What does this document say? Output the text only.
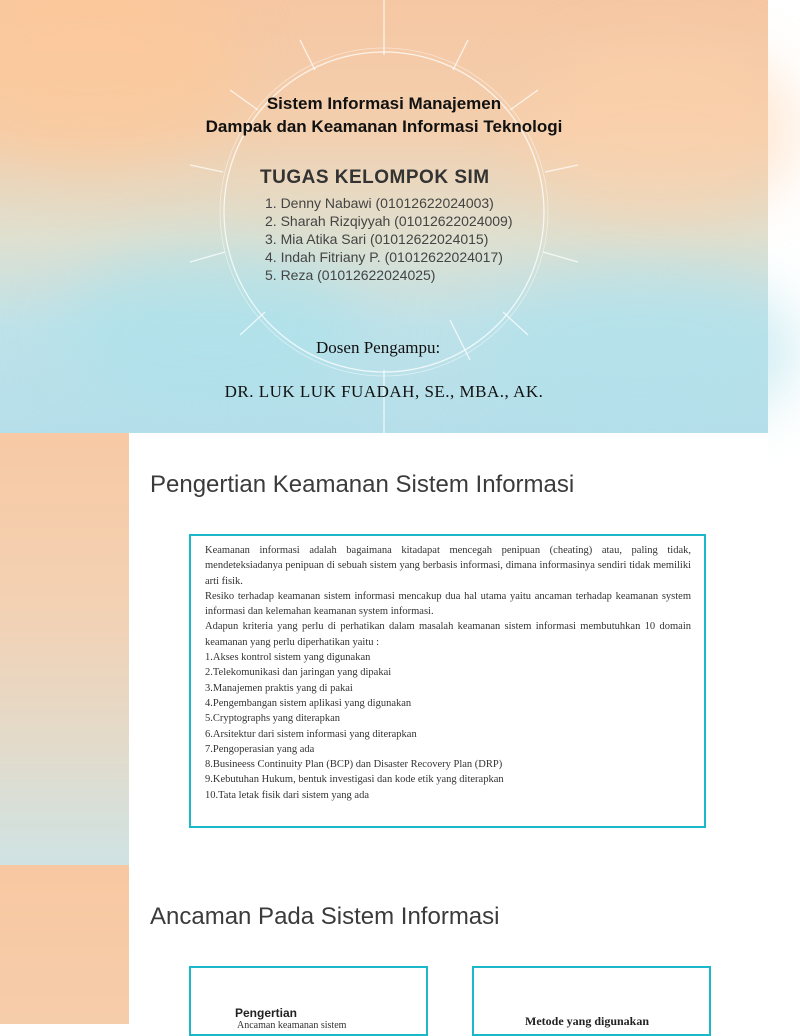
Sistem Informasi Manajemen
Dampak dan Keamanan Informasi Teknologi
TUGAS KELOMPOK SIM
1. Denny Nabawi (01012622024003)
2. Sharah Rizqiyyah (01012622024009)
3. Mia Atika Sari (01012622024015)
4. Indah Fitriany P. (01012622024017)
5. Reza (01012622024025)
Dosen Pengampu:
DR. LUK LUK FUADAH, SE., MBA., AK.
Pengertian Keamanan Sistem Informasi

Keamanan informasi adalah bagaimana kitadapat mencegah penipuan (cheating) atau, paling tidak, mendeteksiadanya penipuan di sebuah sistem yang berbasis informasi, dimana informasinya sendiri tidak memiliki arti fisik.

Resiko terhadap keamanan sistem informasi mencakup dua hal utama yaitu ancaman terhadap keamanan system informasi dan kelemahan keamanan system informasi.

Adapun kriteria yang perlu di perhatikan dalam masalah keamanan sistem informasi membutuhkan 10 domain keamanan yang perlu diperhatikan yaitu :

1.Akses kontrol sistem yang digunakan

2.Telekomunikasi dan jaringan yang dipakai

3.Manajemen praktis yang di pakai

4.Pengembangan sistem aplikasi yang digunakan

5.Cryptographs yang diterapkan

6.Arsitektur dari sistem informasi yang diterapkan

7.Pengoperasian yang ada

8.Busineess Continuity Plan (BCP) dan Disaster Recovery Plan (DRP)

9.Kebutuhan Hukum, bentuk investigasi dan kode etik yang diterapkan

10.Tata letak fisik dari sistem yang ada

Ancaman Pada Sistem Informasi
Pengertian
Ancaman keamanan sistem	Metode yang digunakan
